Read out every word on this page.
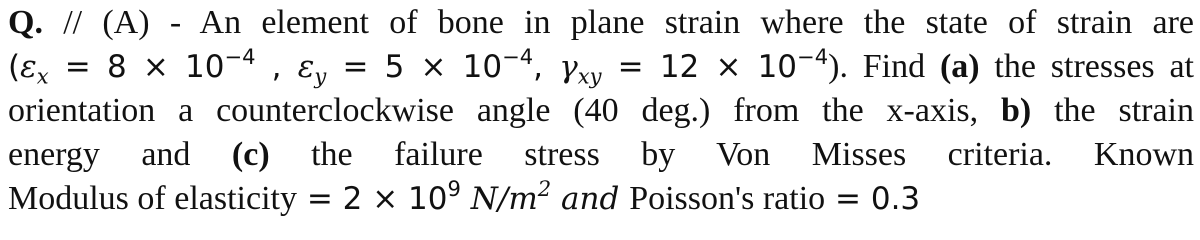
Q. // (A) - An element of bone in plane strain where the state of strain are
($\varepsilon_x = 8 \times 10^{-4}$ , $\varepsilon_y = 5 \times 10^{-4}$, $\gamma_{xy} = 12 \times 10^{-4}$). Find (a) the stresses at
orientation a counterclockwise angle (40 deg.) from the x-axis, b) the strain
energy and (c) the failure stress by Von Misses criteria. Known
Modulus of elasticity = $2 \times 10^9$ $N/m^2$ and Poisson's ratio = 0.3
